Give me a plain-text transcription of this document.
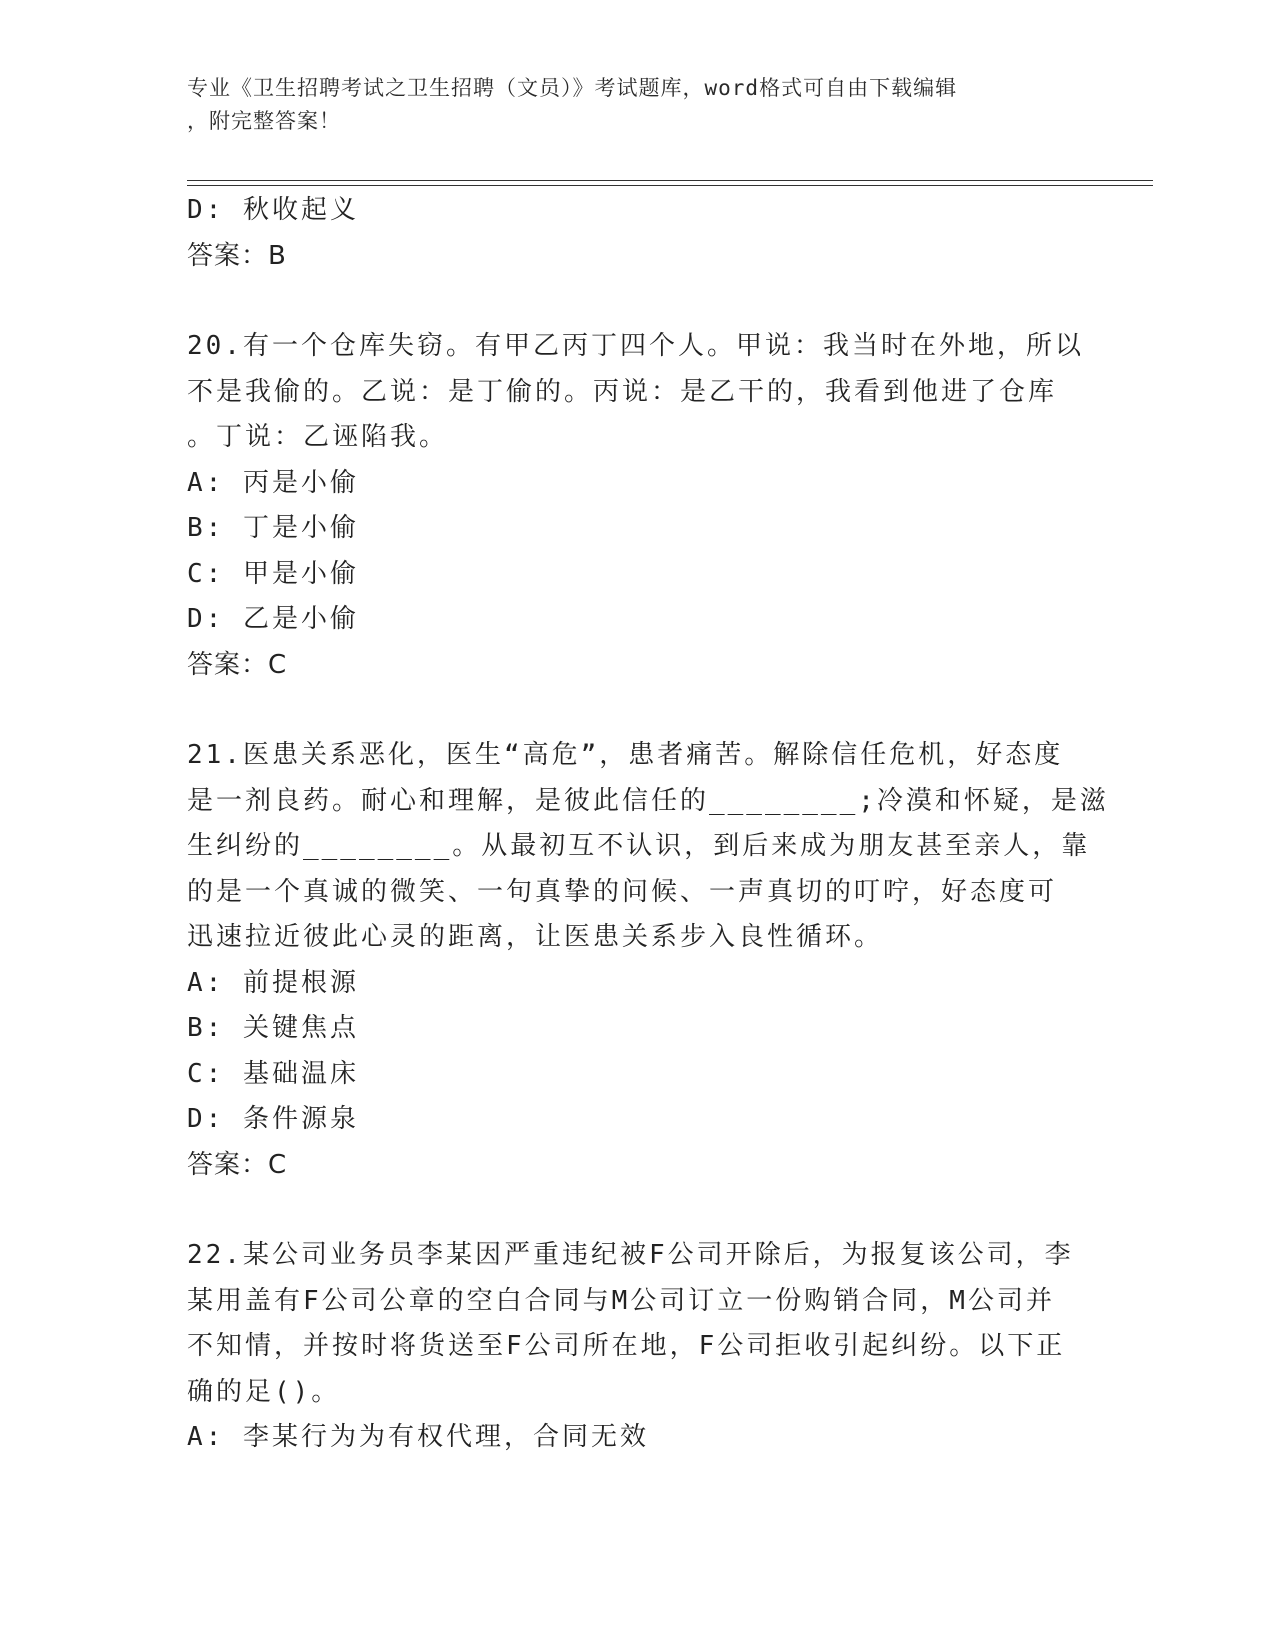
专业《卫生招聘考试之卫生招聘（文员）》考试题库，word格式可自由下载编辑
，附完整答案！
D: 秋收起义
答案：B
20.有一个仓库失窃。有甲乙丙丁四个人。甲说：我当时在外地，所以
不是我偷的。乙说：是丁偷的。丙说：是乙干的，我看到他进了仓库
。丁说：乙诬陷我。
A: 丙是小偷
B: 丁是小偷
C: 甲是小偷
D: 乙是小偷
答案：C
21.医患关系恶化，医生“高危”，患者痛苦。解除信任危机，好态度
是一剂良药。耐心和理解，是彼此信任的________;冷漠和怀疑，是滋
生纠纷的________。从最初互不认识，到后来成为朋友甚至亲人，靠
的是一个真诚的微笑、一句真挚的问候、一声真切的叮咛，好态度可
迅速拉近彼此心灵的距离，让医患关系步入良性循环。
A: 前提根源
B: 关键焦点
C: 基础温床
D: 条件源泉
答案：C
22.某公司业务员李某因严重违纪被F公司开除后，为报复该公司，李
某用盖有F公司公章的空白合同与M公司订立一份购销合同，M公司并
不知情，并按时将货送至F公司所在地，F公司拒收引起纠纷。以下正
确的足()。
A: 李某行为为有权代理，合同无效
